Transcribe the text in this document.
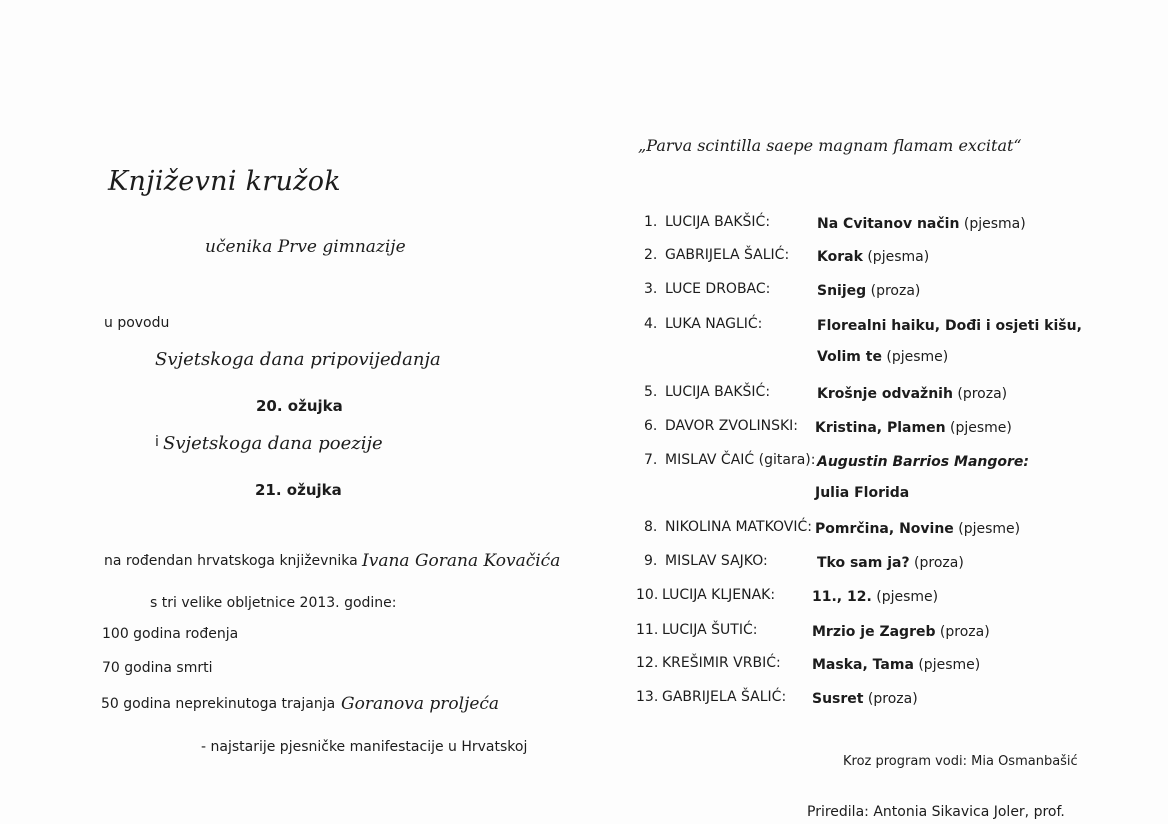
Književni kružok
učenika Prve gimnazije
u povodu
Svjetskoga dana pripovijedanja
20. ožujka
i Svjetskoga dana poezije
21. ožujka
na rođendan hrvatskoga književnika Ivana Gorana Kovačića
s tri velike obljetnice 2013. godine:
100 godina rođenja
70 godina smrti
50 godina neprekinutoga trajanja Goranova proljeća
- najstarije pjesničke manifestacije u Hrvatskoj
„Parva scintilla saepe magnam flamam excitat“
1. LUCIJA BAKŠIĆ:	Na Cvitanov način (pjesma)
2. GABRIJELA ŠALIĆ: Korak (pjesma)
3. LUCE DROBAC:	Snijeg (proza)
4. LUKA NAGLIĆ:	Florealni haiku, Dođi i osjeti kišu,
Volim te (pjesme)
5. LUCIJA BAKŠIĆ:	Krošnje odvažnih (proza)
6. DAVOR ZVOLINSKI: Kristina, Plamen (pjesme)
7. MISLAV ČAIĆ (gitara): Augustin Barrios Mangore:
Julia Florida
8. NIKOLINA MATKOVIĆ: Pomrčina, Novine (pjesme)
9. MISLAV SAJKO:	Tko sam ja? (proza)
10. LUCIJA KLJENAK:	11., 12. (pjesme)
11. LUCIJA ŠUTIĆ:	Mrzio je Zagreb (proza)
12. KREŠIMIR VRBIĆ: Maska, Tama (pjesme)
13. GABRIJELA ŠALIĆ: Susret (proza)
Kroz program vodi: Mia Osmanbašić
Priredila: Antonia Sikavica Joler, prof.
